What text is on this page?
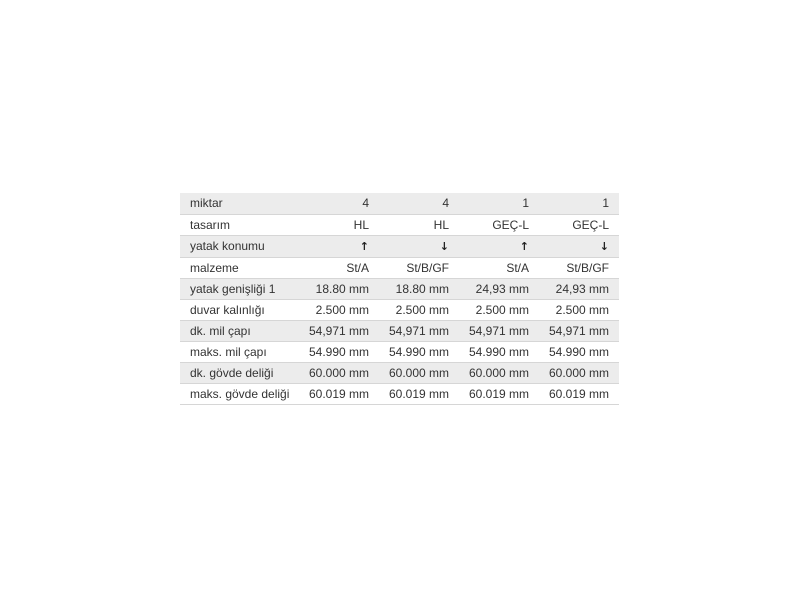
miktar	4	4	1	1
tasarım	HL	HL	GEÇ-L	GEÇ-L
yatak konumu	↑	↓	↑	↓
malzeme	St/A	St/B/GF	St/A	St/B/GF
yatak genişliği 1	18.80 mm	18.80 mm	24,93 mm	24,93 mm
duvar kalınlığı	2.500 mm	2.500 mm	2.500 mm	2.500 mm
dk. mil çapı	54,971 mm	54,971 mm	54,971 mm	54,971 mm
maks. mil çapı	54.990 mm	54.990 mm	54.990 mm	54.990 mm
dk. gövde deliği	60.000 mm	60.000 mm	60.000 mm	60.000 mm
maks. gövde deliği	60.019 mm	60.019 mm	60.019 mm	60.019 mm
